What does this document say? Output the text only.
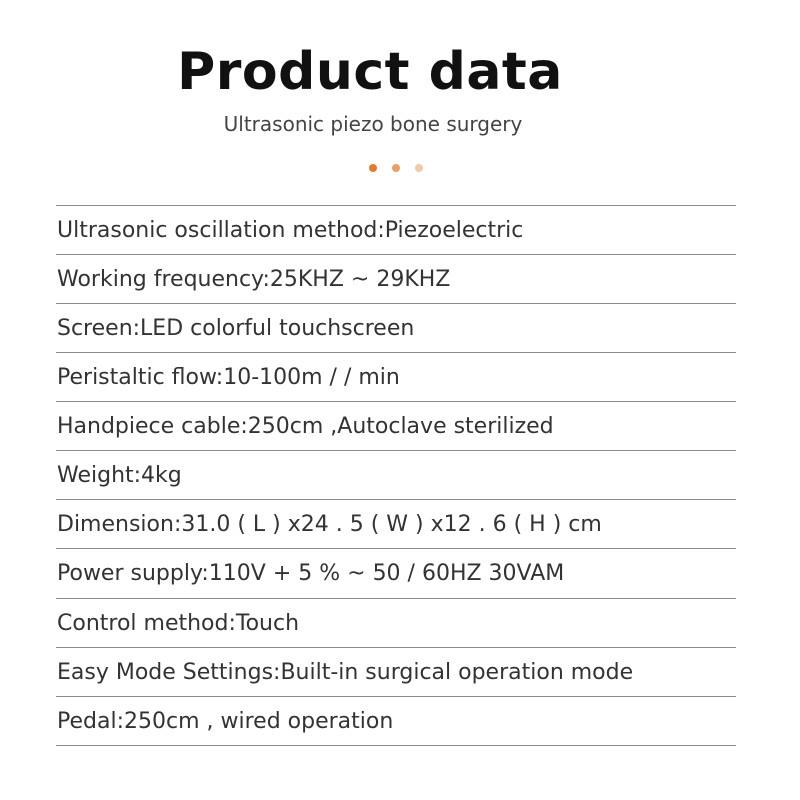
Product data
Ultrasonic piezo bone surgery
Ultrasonic oscillation method:Piezoelectric
Working frequency:25KHZ ~ 29KHZ
Screen:LED colorful touchscreen
Peristaltic flow:10-100m / / min
Handpiece cable:250cm ,Autoclave sterilized
Weight:4kg
Dimension:31.0 ( L ) x24 . 5 ( W ) x12 . 6 ( H ) cm
Power supply:110V + 5 % ~ 50 / 60HZ 30VAM
Control method:Touch
Easy Mode Settings:Built-in surgical operation mode
Pedal:250cm , wired operation
